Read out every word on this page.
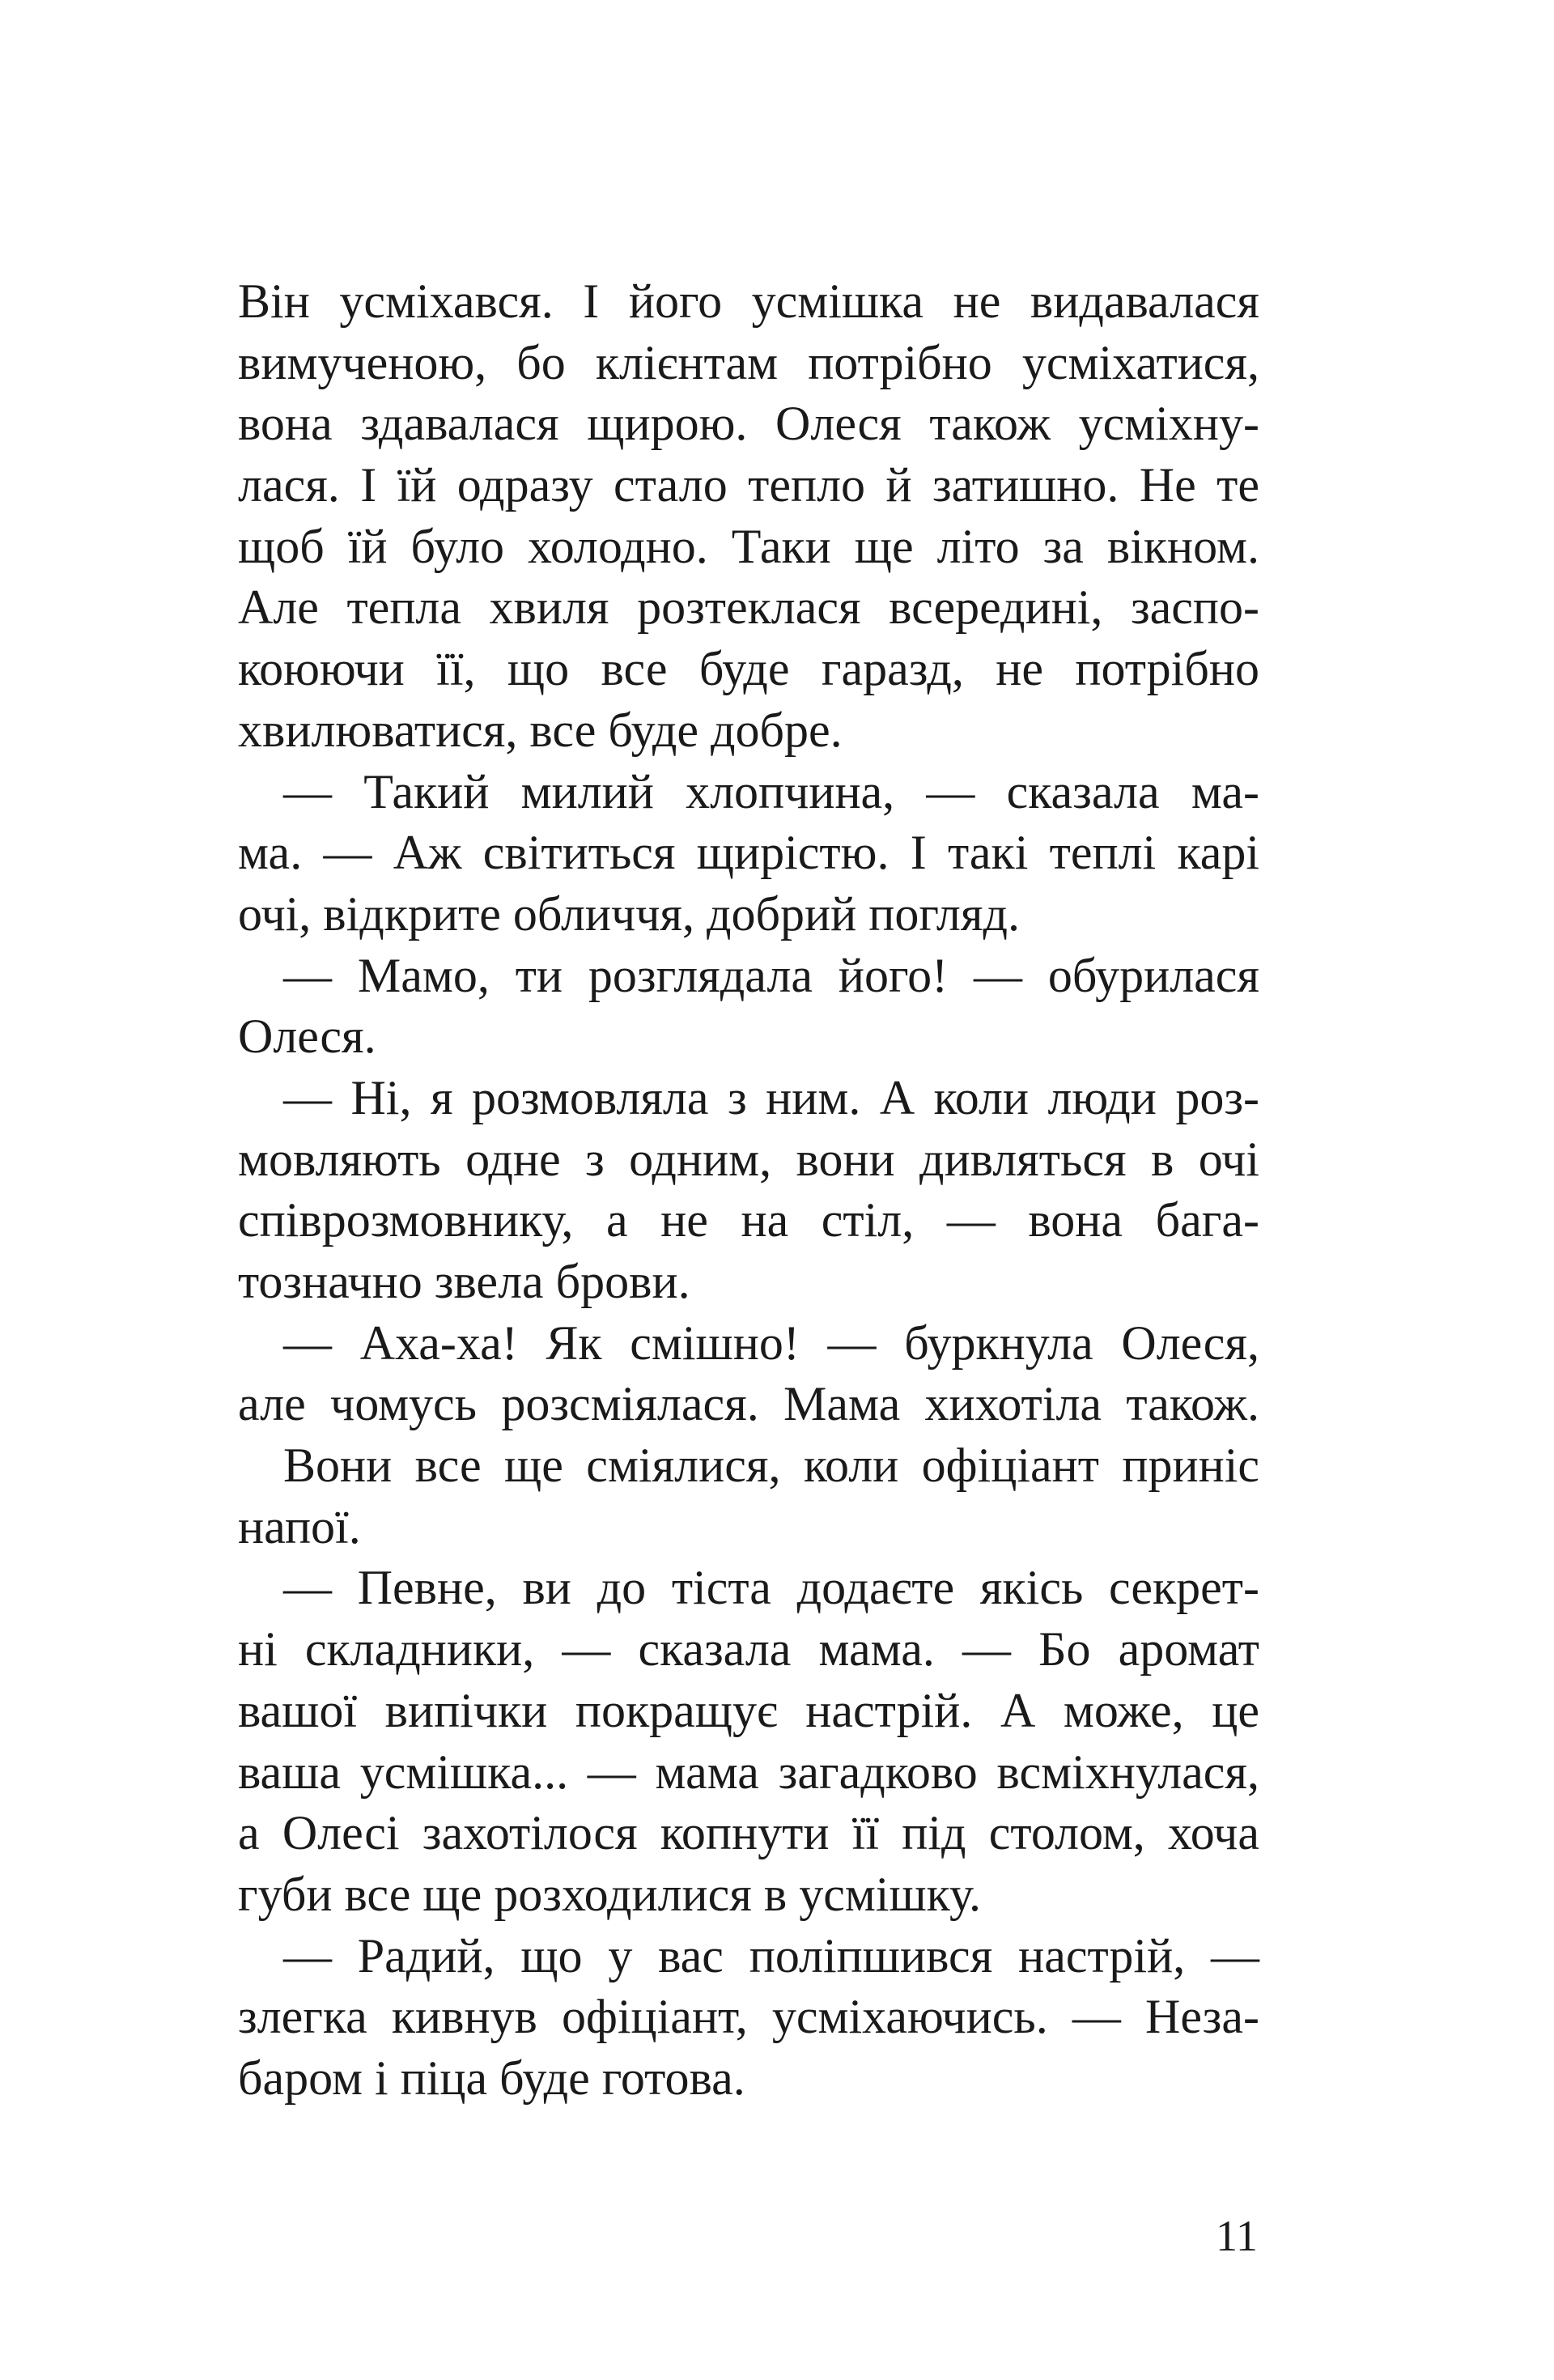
Він усміхався. І його усмішка не видавалася
вимученою, бо клієнтам потрібно усміхатися,
вона здавалася щирою. Олеся також усміхну-
лася. І їй одразу стало тепло й затишно. Не те
щоб їй було холодно. Таки ще літо за вікном.
Але тепла хвиля розтеклася всередині, заспо-
коюючи її, що все буде гаразд, не потрібно
хвилюватися, все буде добре.
— Такий милий хлопчина, — сказала ма-
ма. — Аж світиться щирістю. І такі теплі карі
очі, відкрите обличчя, добрий погляд.
— Мамо, ти розглядала його! — обурилася
Олеся.
— Ні, я розмовляла з ним. А коли люди роз-
мовляють одне з одним, вони дивляться в очі
співрозмовнику, а не на стіл, — вона бага-
тозначно звела брови.
— Аха-ха! Як смішно! — буркнула Олеся,
але чомусь розсміялася. Мама хихотіла також.
Вони все ще сміялися, коли офіціант приніс
напої.
— Певне, ви до тіста додаєте якісь секрет-
ні складники, — сказала мама. — Бо аромат
вашої випічки покращує настрій. А може, це
ваша усмішка... — мама загадково всміхнулася,
а Олесі захотілося копнути її під столом, хоча
губи все ще розходилися в усмішку.
— Радий, що у вас поліпшився настрій, —
злегка кивнув офіціант, усміхаючись. — Неза-
баром і піца буде готова.
11
